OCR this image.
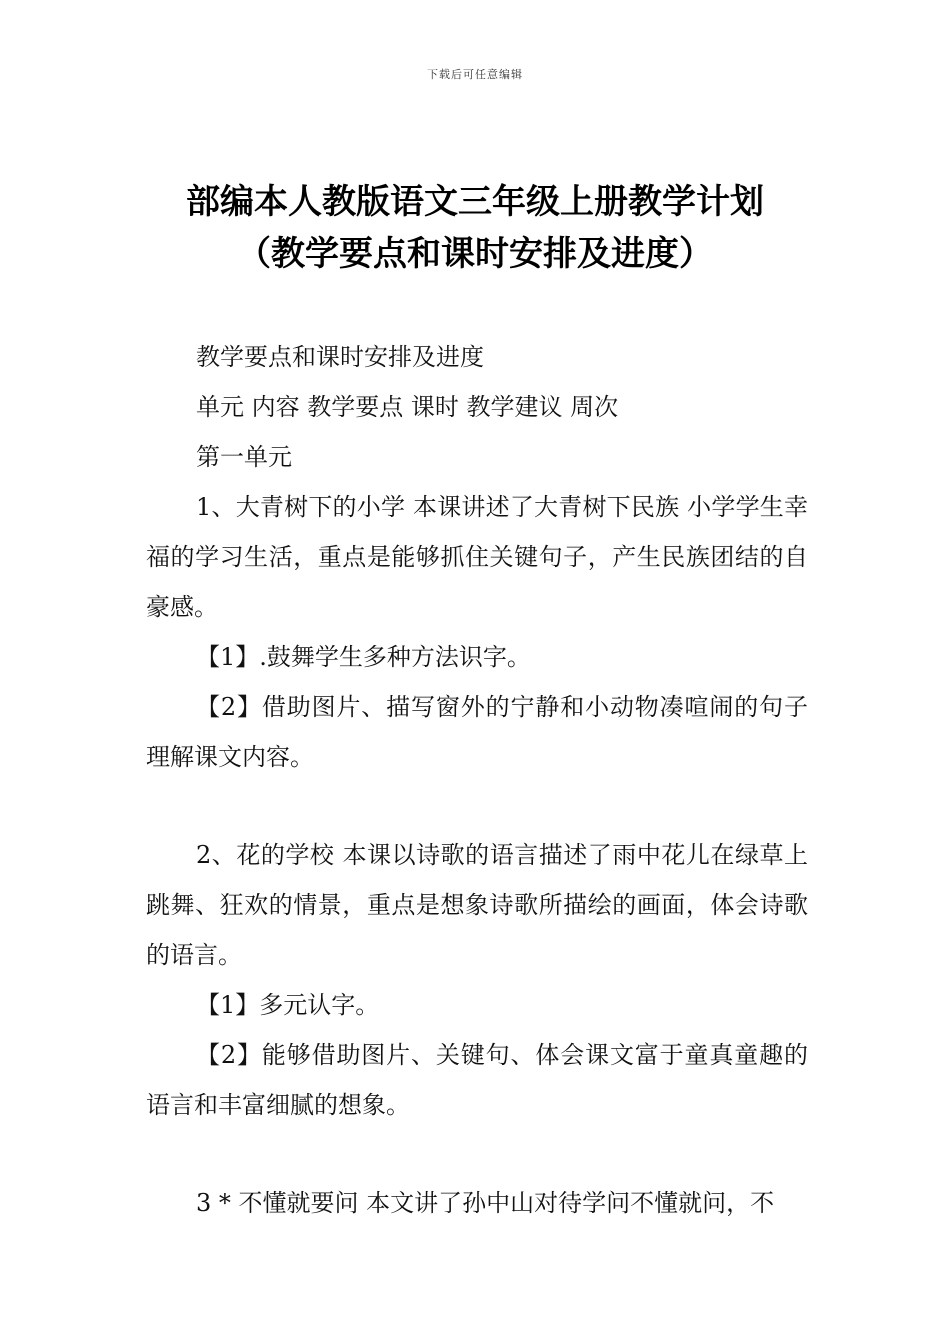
下载后可任意编辑
部编本人教版语文三年级上册教学计划
（教学要点和课时安排及进度）

教学要点和课时安排及进度

单元 内容 教学要点 课时 教学建议 周次

第一单元

1、大青树下的小学 本课讲述了大青树下民族 小学学生幸福的学习生活，重点是能够抓住关键句子，产生民族团结的自豪感。

【1】.鼓舞学生多种方法识字。

【2】借助图片、描写窗外的宁静和小动物凑喧闹的句子理解课文内容。

2、花的学校 本课以诗歌的语言描述了雨中花儿在绿草上跳舞、狂欢的情景，重点是想象诗歌所描绘的画面，体会诗歌的语言。

【1】多元认字。

【2】能够借助图片、关键句、体会课文富于童真童趣的语言和丰富细腻的想象。

3 * 不懂就要问 本文讲了孙中山对待学问不懂就问，不
